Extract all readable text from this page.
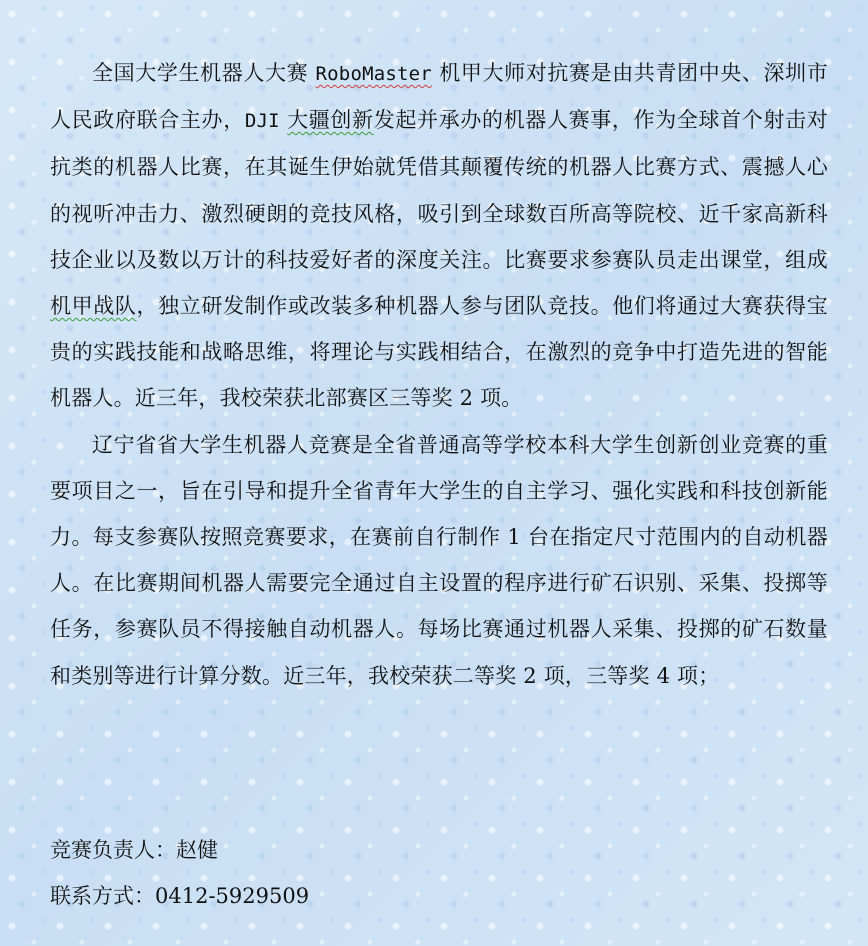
全国大学生机器人大赛 RoboMaster 机甲大师对抗赛是由共青团中央、深圳市人民政府联合主办，DJI 大疆创新发起并承办的机器人赛事，作为全球首个射击对抗类的机器人比赛，在其诞生伊始就凭借其颠覆传统的机器人比赛方式、震撼人心的视听冲击力、激烈硬朗的竞技风格，吸引到全球数百所高等院校、近千家高新科技企业以及数以万计的科技爱好者的深度关注。比赛要求参赛队员走出课堂，组成机甲战队，独立研发制作或改装多种机器人参与团队竞技。他们将通过大赛获得宝贵的实践技能和战略思维，将理论与实践相结合，在激烈的竞争中打造先进的智能机器人。近三年，我校荣获北部赛区三等奖 2 项。

辽宁省省大学生机器人竞赛是全省普通高等学校本科大学生创新创业竞赛的重要项目之一，旨在引导和提升全省青年大学生的自主学习、强化实践和科技创新能力。每支参赛队按照竞赛要求，在赛前自行制作 1 台在指定尺寸范围内的自动机器人。在比赛期间机器人需要完全通过自主设置的程序进行矿石识别、采集、投掷等任务，参赛队员不得接触自动机器人。每场比赛通过机器人采集、投掷的矿石数量和类别等进行计算分数。近三年，我校荣获二等奖 2 项，三等奖 4 项；

竞赛负责人：赵健

联系方式：0412-5929509
